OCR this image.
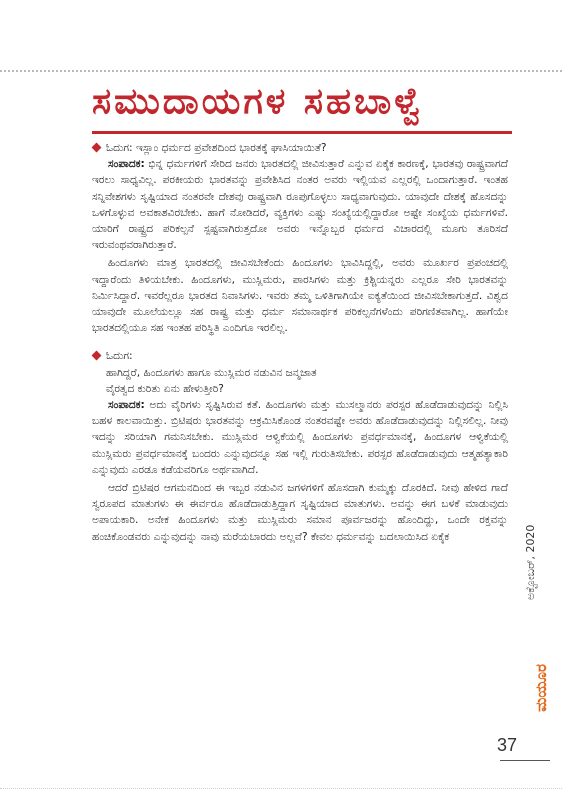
ಸಮುದಾಯಗಳ ಸಹಬಾಳ್ವೆ
ಓದುಗ: ಇಸ್ಲಾಂ ಧರ್ಮದ ಪ್ರವೇಶದಿಂದ ಭಾರತಕ್ಕೆ ಘಾಸಿಯಾಯಿತೆ?

ಸಂಪಾದಕ: ಭಿನ್ನ ಧರ್ಮಗಳಿಗೆ ಸೇರಿದ ಜನರು ಭಾರತದಲ್ಲಿ ಜೀವಿಸುತ್ತಾರೆ ಎನ್ನುವ ಏಕೈಕ ಕಾರಣಕ್ಕೆ, ಭಾರತವು ರಾಷ್ಟ್ರವಾಗದೆ ಇರಲು ಸಾಧ್ಯವಿಲ್ಲ. ಪರಕೀಯರು ಭಾರತವನ್ನು ಪ್ರವೇಶಿಸಿದ ನಂತರ ಅವರು ಇಲ್ಲಿಯವ ಎಲ್ಲರಲ್ಲಿ ಒಂದಾಗುತ್ತಾರೆ. ಇಂತಹ ಸನ್ನಿವೇಶಗಳು ಸೃಷ್ಟಿಯಾದ ನಂತರವೇ ದೇಶವು ರಾಷ್ಟ್ರವಾಗಿ ರೂಪುಗೊಳ್ಳಲು ಸಾಧ್ಯವಾಗುವುದು. ಯಾವುದೇ ದೇಶಕ್ಕೆ ಹೊಸದನ್ನು ಒಳಗೊಳ್ಳುವ ಅವಕಾಶವಿರಬೇಕು. ಹಾಗೆ ನೋಡಿದರೆ, ವ್ಯಕ್ತಿಗಳು ಎಷ್ಟು ಸಂಖ್ಯೆಯಲ್ಲಿದ್ದಾರೋ ಅಷ್ಟೇ ಸಂಖ್ಯೆಯ ಧರ್ಮಗಳಿವೆ. ಯಾರಿಗೆ ರಾಷ್ಟ್ರದ ಪರಿಕಲ್ಪನೆ ಸ್ಪಷ್ಟವಾಗಿರುತ್ತದೋ ಅವರು ಇನ್ನೊಬ್ಬರ ಧರ್ಮದ ವಿಚಾರದಲ್ಲಿ ಮೂಗು ತೂರಿಸದೆ ಇರುವಂಥವರಾಗಿರುತ್ತಾರೆ.

ಹಿಂದೂಗಳು ಮಾತ್ರ ಭಾರತದಲ್ಲಿ ಜೀವಿಸಬೇಕೆಂದು ಹಿಂದೂಗಳು ಭಾವಿಸಿದ್ದಲ್ಲಿ, ಅವರು ಮೂರ್ಖರ ಪ್ರಪಂಚದಲ್ಲಿ ಇದ್ದಾರೆಂದು ತಿಳಿಯಬೇಕು. ಹಿಂದೂಗಳು, ಮುಸ್ಲಿಮರು, ಪಾರಸಿಗಳು ಮತ್ತು ಕ್ರಿಶ್ಚಿಯನ್ನರು ಎಲ್ಲರೂ ಸೇರಿ ಭಾರತವನ್ನು ನಿರ್ಮಿಸಿದ್ದಾರೆ. ಇವರೆಲ್ಲರೂ ಭಾರತದ ನಿವಾಸಿಗಳು. ಇವರು ತಮ್ಮ ಒಳಿತಿಗಾಗಿಯೇ ಐಕ್ಯತೆಯಿಂದ ಜೀವಿಸಬೇಕಾಗುತ್ತದೆ. ವಿಶ್ವದ ಯಾವುದೇ ಮೂಲೆಯಲ್ಲೂ ಸಹ ರಾಷ್ಟ್ರ ಮತ್ತು ಧರ್ಮ ಸಮಾನಾರ್ಥಕ ಪರಿಕಲ್ಪನೆಗಳೆಂದು ಪರಿಗಣಿತವಾಗಿಲ್ಲ. ಹಾಗೆಯೇ ಭಾರತದಲ್ಲಿಯೂ ಸಹ ಇಂತಹ ಪರಿಸ್ಥಿತಿ ಎಂದಿಗೂ ಇರಲಿಲ್ಲ.

ಓದುಗ:
ಹಾಗಿದ್ದರೆ, ಹಿಂದೂಗಳು ಹಾಗೂ ಮುಸ್ಲಿಮರ ನಡುವಿನ ಜನ್ಮಜಾತ
ವೈರತ್ವದ ಕುರಿತು ಏನು ಹೇಳುತ್ತೀರಿ?

ಸಂಪಾದಕ: ಅದು ವೈರಿಗಳು ಸೃಷ್ಟಿಸಿರುವ ಕತೆ. ಹಿಂದೂಗಳು ಮತ್ತು ಮುಸಲ್ಮಾನರು ಪರಸ್ಪರ ಹೊಡೆದಾಡುವುದನ್ನು ನಿಲ್ಲಿಸಿ ಬಹಳ ಕಾಲವಾಯಿತ್ತು. ಬ್ರಿಟಿಷರು ಭಾರತವನ್ನು ಆಕ್ರಮಿಸಿಕೊಂಡ ನಂತರವಷ್ಟೇ ಅವರು ಹೊಡೆದಾಡುವುದನ್ನು ನಿಲ್ಲಿಸಲಿಲ್ಲ. ನೀವು ಇದನ್ನು ಸರಿಯಾಗಿ ಗಮನಿಸಬೇಕು. ಮುಸ್ಲಿಮರ ಆಳ್ವಿಕೆಯಲ್ಲಿ ಹಿಂದೂಗಳು ಪ್ರವರ್ಧಮಾನಕ್ಕೆ, ಹಿಂದೂಗಳ ಆಳ್ವಿಕೆಯಲ್ಲಿ ಮುಸ್ಲಿಮರು ಪ್ರವರ್ಧಮಾನಕ್ಕೆ ಬಂದರು ಎನ್ನುವುದನ್ನೂ ಸಹ ಇಲ್ಲಿ ಗುರುತಿಸಬೇಕು. ಪರಸ್ಪರ ಹೊಡೆದಾಡುವುದು ಆತ್ಮಹತ್ಯಾಕಾರಿ ಎನ್ನುವುದು ಎರಡೂ ಕಡೆಯವರಿಗೂ ಅರ್ಥವಾಗಿದೆ.

ಆದರೆ ಬ್ರಿಟಿಷರ ಆಗಮನದಿಂದ ಈ ಇಬ್ಬರ ನಡುವಿನ ಜಗಳಗಳಿಗೆ ಹೊಸದಾಗಿ ಕುಮ್ಮಕ್ಕು ದೊರಕಿದೆ. ನೀವು ಹೇಳಿದ ಗಾದೆ ಸ್ವರೂಪದ ಮಾತುಗಳು ಈ ಈರ್ವರೂ ಹೊಡೆದಾಡುತ್ತಿದ್ದಾಗ ಸೃಷ್ಟಿಯಾದ ಮಾತುಗಳು. ಅವನ್ನು ಈಗ ಬಳಕೆ ಮಾಡುವುದು ಅಪಾಯಕಾರಿ. ಅನೇಕ ಹಿಂದೂಗಳು ಮತ್ತು ಮುಸ್ಲಿಮರು ಸಮಾನ ಪೂರ್ವಜರನ್ನು ಹೊಂದಿದ್ದು, ಒಂದೇ ರಕ್ತವನ್ನು ಹಂಚಿಕೊಂಡವರು ಎನ್ನುವುದನ್ನು ನಾವು ಮರೆಯಬಾರದು ಅಲ್ಲವೆ? ಕೇವಲ ಧರ್ಮವನ್ನು ಬದಲಾಯಿಸಿದ ಏಕೈಕ	ಅಕ್ಟೋಬರ್, 2020
ಮಯೂರ
37
